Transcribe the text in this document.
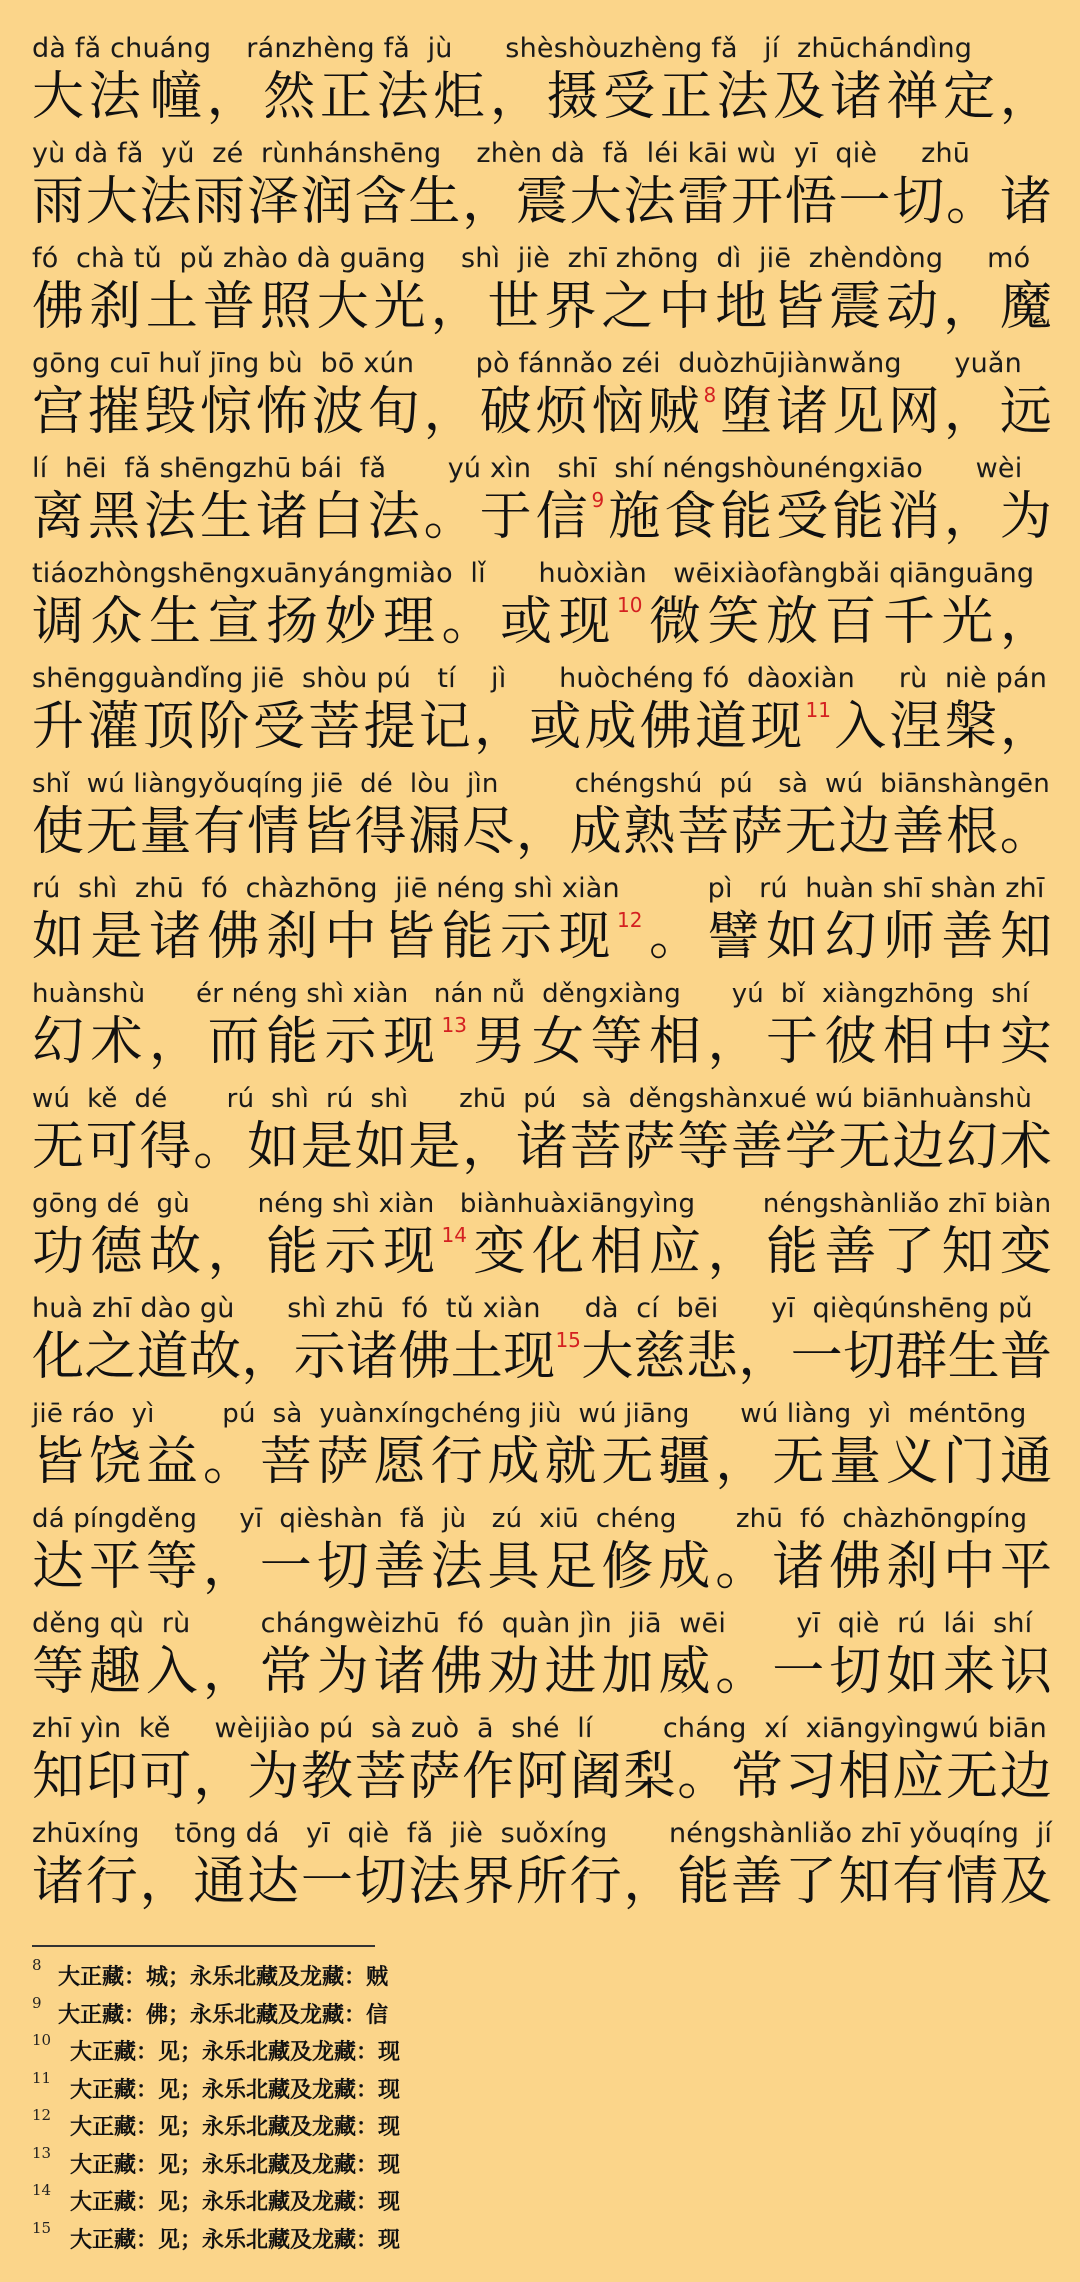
dà fǎ chuáng    ránzhèng fǎ  jù      shèshòuzhèng fǎ   jí  zhūchándìng
大 法 幢 ， 然 正 法 炬 ， 摄 受 正 法 及 诸 禅 定 ，
yù dà fǎ  yǔ  zé  rùnhánshēng    zhèn dà  fǎ  léi kāi wù  yī  qiè     zhū
雨 大 法 雨 泽 润 含 生 ， 震 大 法 雷 开 悟 一 切 。 诸
fó  chà tǔ  pǔ zhào dà guāng    shì  jiè  zhī zhōng  dì  jiē  zhèndòng     mó
佛 刹 土 普 照 大 光 ， 世 界 之 中 地 皆 震 动 ， 魔
gōng cuī huǐ jīng bù  bō xún       pò fánnǎo zéi  duòzhūjiànwǎng      yuǎn
宫 摧 毁 惊 怖 波 旬 ， 破 烦 恼 贼$^8$ 堕 诸 见 网 ， 远
lí  hēi  fǎ shēngzhū bái  fǎ       yú xìn   shī  shí néngshòunéngxiāo      wèi
离 黑 法 生 诸 白 法 。 于 信$^9$ 施 食 能 受 能 消 ， 为
tiáozhòngshēngxuānyángmiào  lǐ      huòxiàn   wēixiàofàngbǎi qiānguāng
调 众 生 宣 扬 妙 理 。 或 现 $^{10}$ 微 笑 放 百 千 光 ，
shēngguàndǐng jiē  shòu pú   tí    jì      huòchéng fó  dàoxiàn     rù  niè pán
升 灌 顶 阶 受 菩 提 记 ， 或 成 佛 道 现$^{11}$ 入 涅 槃 ，
shǐ  wú liàngyǒuqíng jiē  dé  lòu  jìn         chéngshú  pú   sà  wú  biānshàngēn
使 无 量 有 情 皆 得 漏 尽 ， 成 熟 菩 萨 无 边 善 根 。
rú  shì  zhū  fó  chàzhōng  jiē néng shì xiàn          pì   rú  huàn shī shàn zhī
如 是 诸 佛 刹 中 皆 能 示 现 $^{12}$ 。 譬 如 幻 师 善 知
huànshù      ér néng shì xiàn   nán nǚ  děngxiàng      yú  bǐ  xiàngzhōng  shí
幻 术 ， 而 能 示 现 $^{13}$ 男 女 等 相 ， 于 彼 相 中 实
wú  kě  dé       rú  shì  rú  shì      zhū  pú   sà  děngshànxué wú biānhuànshù
无 可 得 。 如 是 如 是 ， 诸 菩 萨 等 善 学 无 边 幻 术
gōng dé  gù        néng shì xiàn   biànhuàxiāngyìng        néngshànliǎo zhī biàn
功 德 故 ， 能 示 现 $^{14}$ 变 化 相 应 ， 能 善 了 知 变
huà zhī dào gù      shì zhū  fó  tǔ xiàn     dà  cí  bēi      yī  qièqúnshēng pǔ
化 之 道 故 ， 示 诸 佛 土 现$^{15}$ 大 慈 悲 ， 一 切 群 生 普
jiē ráo  yì        pú  sà  yuànxíngchéng jiù  wú jiāng      wú liàng  yì  méntōng
皆 饶 益 。 菩 萨 愿 行 成 就 无 疆 ， 无 量 义 门 通
dá píngděng     yī  qièshàn  fǎ  jù   zú  xiū  chéng       zhū  fó  chàzhōngpíng
达 平 等 ， 一 切 善 法 具 足 修 成 。 诸 佛 刹 中 平
děng qù  rù        chángwèizhū  fó  quàn jìn  jiā  wēi        yī  qiè  rú  lái  shí
等 趣 入 ， 常 为 诸 佛 劝 进 加 威 。 一 切 如 来 识
zhī yìn  kě     wèijiào pú  sà zuò  ā  shé  lí        cháng  xí  xiāngyìngwú biān
知 印 可 ， 为 教 菩 萨 作 阿 阇 梨 。 常 习 相 应 无 边
zhūxíng    tōng dá   yī  qiè  fǎ  jiè  suǒxíng       néngshànliǎo zhī yǒuqíng  jí
诸 行 ， 通 达 一 切 法 界 所 行 ， 能 善 了 知 有 情 及
8 大正藏：城；永乐北藏及龙藏：贼
9 大正藏：佛；永乐北藏及龙藏：信
10 大正藏：见；永乐北藏及龙藏：现
11 大正藏：见；永乐北藏及龙藏：现
12 大正藏：见；永乐北藏及龙藏：现
13 大正藏：见；永乐北藏及龙藏：现
14 大正藏：见；永乐北藏及龙藏：现
15 大正藏：见；永乐北藏及龙藏：现
